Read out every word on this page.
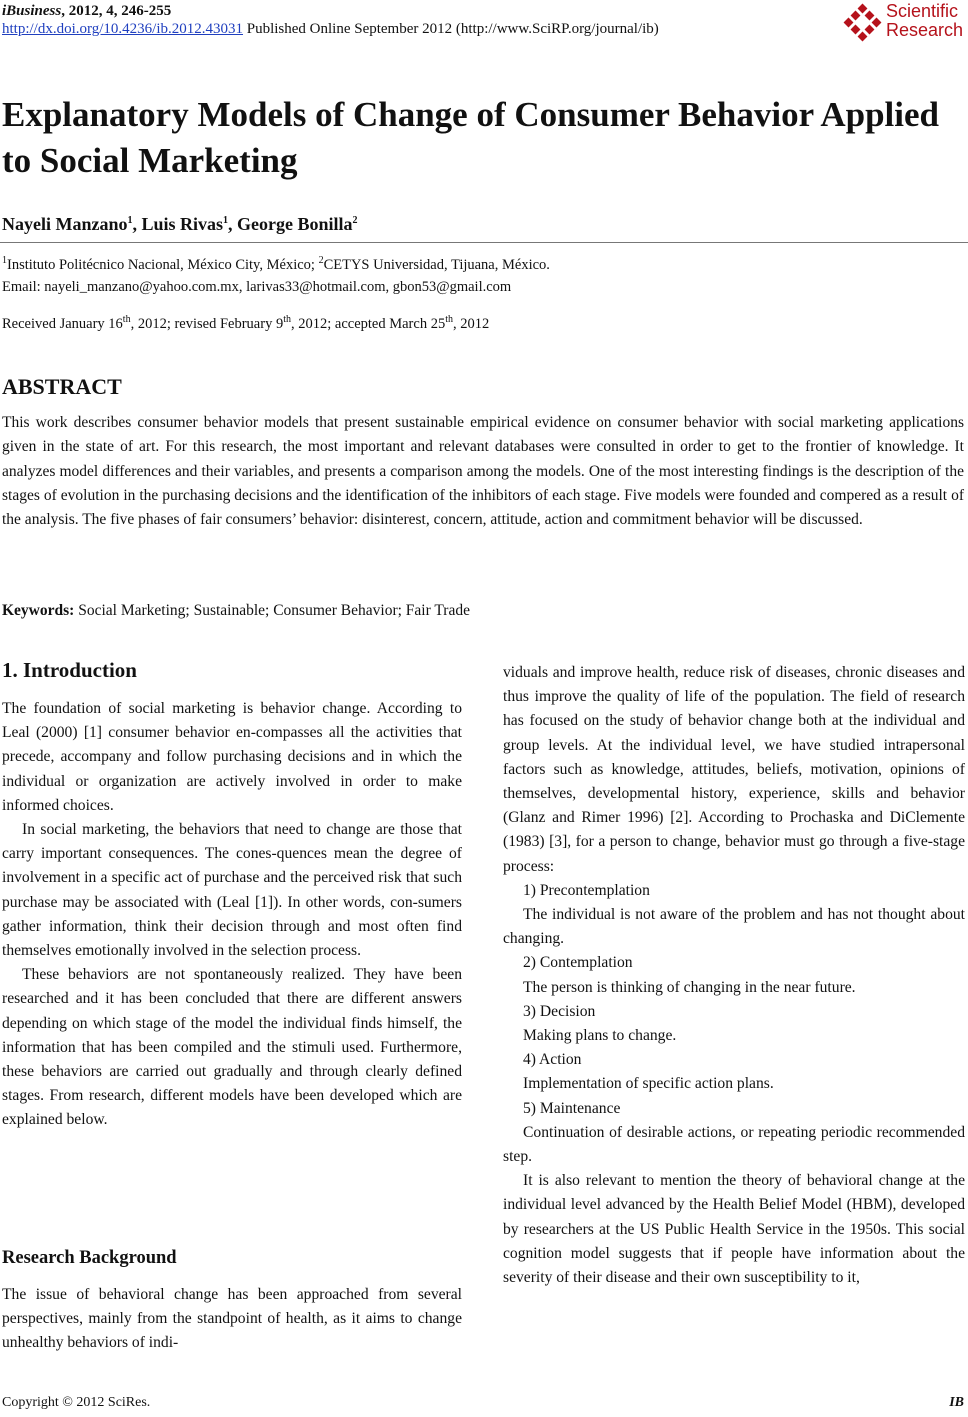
iBusiness, 2012, 4, 246-255
http://dx.doi.org/10.4236/ib.2012.43031 Published Online September 2012 (http://www.SciRP.org/journal/ib)
Scientific
Research
Explanatory Models of Change of Consumer Behavior Applied to Social Marketing
Nayeli Manzano$^1$, Luis Rivas$^1$, George Bonilla$^2$
$^1$Instituto Politécnico Nacional, México City, México; $^2$CETYS Universidad, Tijuana, México.
Email: nayeli_manzano@yahoo.com.mx, larivas33@hotmail.com, gbon53@gmail.com
Received January 16th, 2012; revised February 9th, 2012; accepted March 25th, 2012
ABSTRACT
This work describes consumer behavior models that present sustainable empirical evidence on consumer behavior with social marketing applications given in the state of art. For this research, the most important and relevant databases were consulted in order to get to the frontier of knowledge. It analyzes model differences and their variables, and presents a comparison among the models. One of the most interesting findings is the description of the stages of evolution in the purchasing decisions and the identification of the inhibitors of each stage. Five models were founded and compered as a result of the analysis. The five phases of fair consumers’ behavior: disinterest, concern, attitude, action and commitment behavior will be discussed.
Keywords: Social Marketing; Sustainable; Consumer Behavior; Fair Trade
1. Introduction

The foundation of social marketing is behavior change. According to Leal (2000) [1] consumer behavior en-compasses all the activities that precede, accompany and follow purchasing decisions and in which the individual or organization are actively involved in order to make informed choices.

In social marketing, the behaviors that need to change are those that carry important consequences. The cones-quences mean the degree of involvement in a specific act of purchase and the perceived risk that such purchase may be associated with (Leal [1]). In other words, con-sumers gather information, think their decision through and most often find themselves emotionally involved in the selection process.

These behaviors are not spontaneously realized. They have been researched and it has been concluded that there are different answers depending on which stage of the model the individual finds himself, the information that has been compiled and the stimuli used. Furthermore, these behaviors are carried out gradually and through clearly defined stages. From research, different models have been developed which are explained below.

Research Background

The issue of behavioral change has been approached from several perspectives, mainly from the standpoint of health, as it aims to change unhealthy behaviors of indi-

viduals and improve health, reduce risk of diseases, chronic diseases and thus improve the quality of life of the population. The field of research has focused on the study of behavior change both at the individual and group levels. At the individual level, we have studied intrapersonal factors such as knowledge, attitudes, beliefs, motivation, opinions of themselves, developmental history, experience, skills and behavior (Glanz and Rimer 1996) [2]. According to Prochaska and DiClemente (1983) [3], for a person to change, behavior must go through a five-stage process:

1) Precontemplation

The individual is not aware of the problem and has not thought about changing.

2) Contemplation

The person is thinking of changing in the near future.

3) Decision

Making plans to change.

4) Action

Implementation of specific action plans.

5) Maintenance

Continuation of desirable actions, or repeating periodic recommended step.

It is also relevant to mention the theory of behavioral change at the individual level advanced by the Health Belief Model (HBM), developed by researchers at the US Public Health Service in the 1950s. This social cognition model suggests that if people have information about the severity of their disease and their own susceptibility to it,

Copyright © 2012 SciRes.	IB
